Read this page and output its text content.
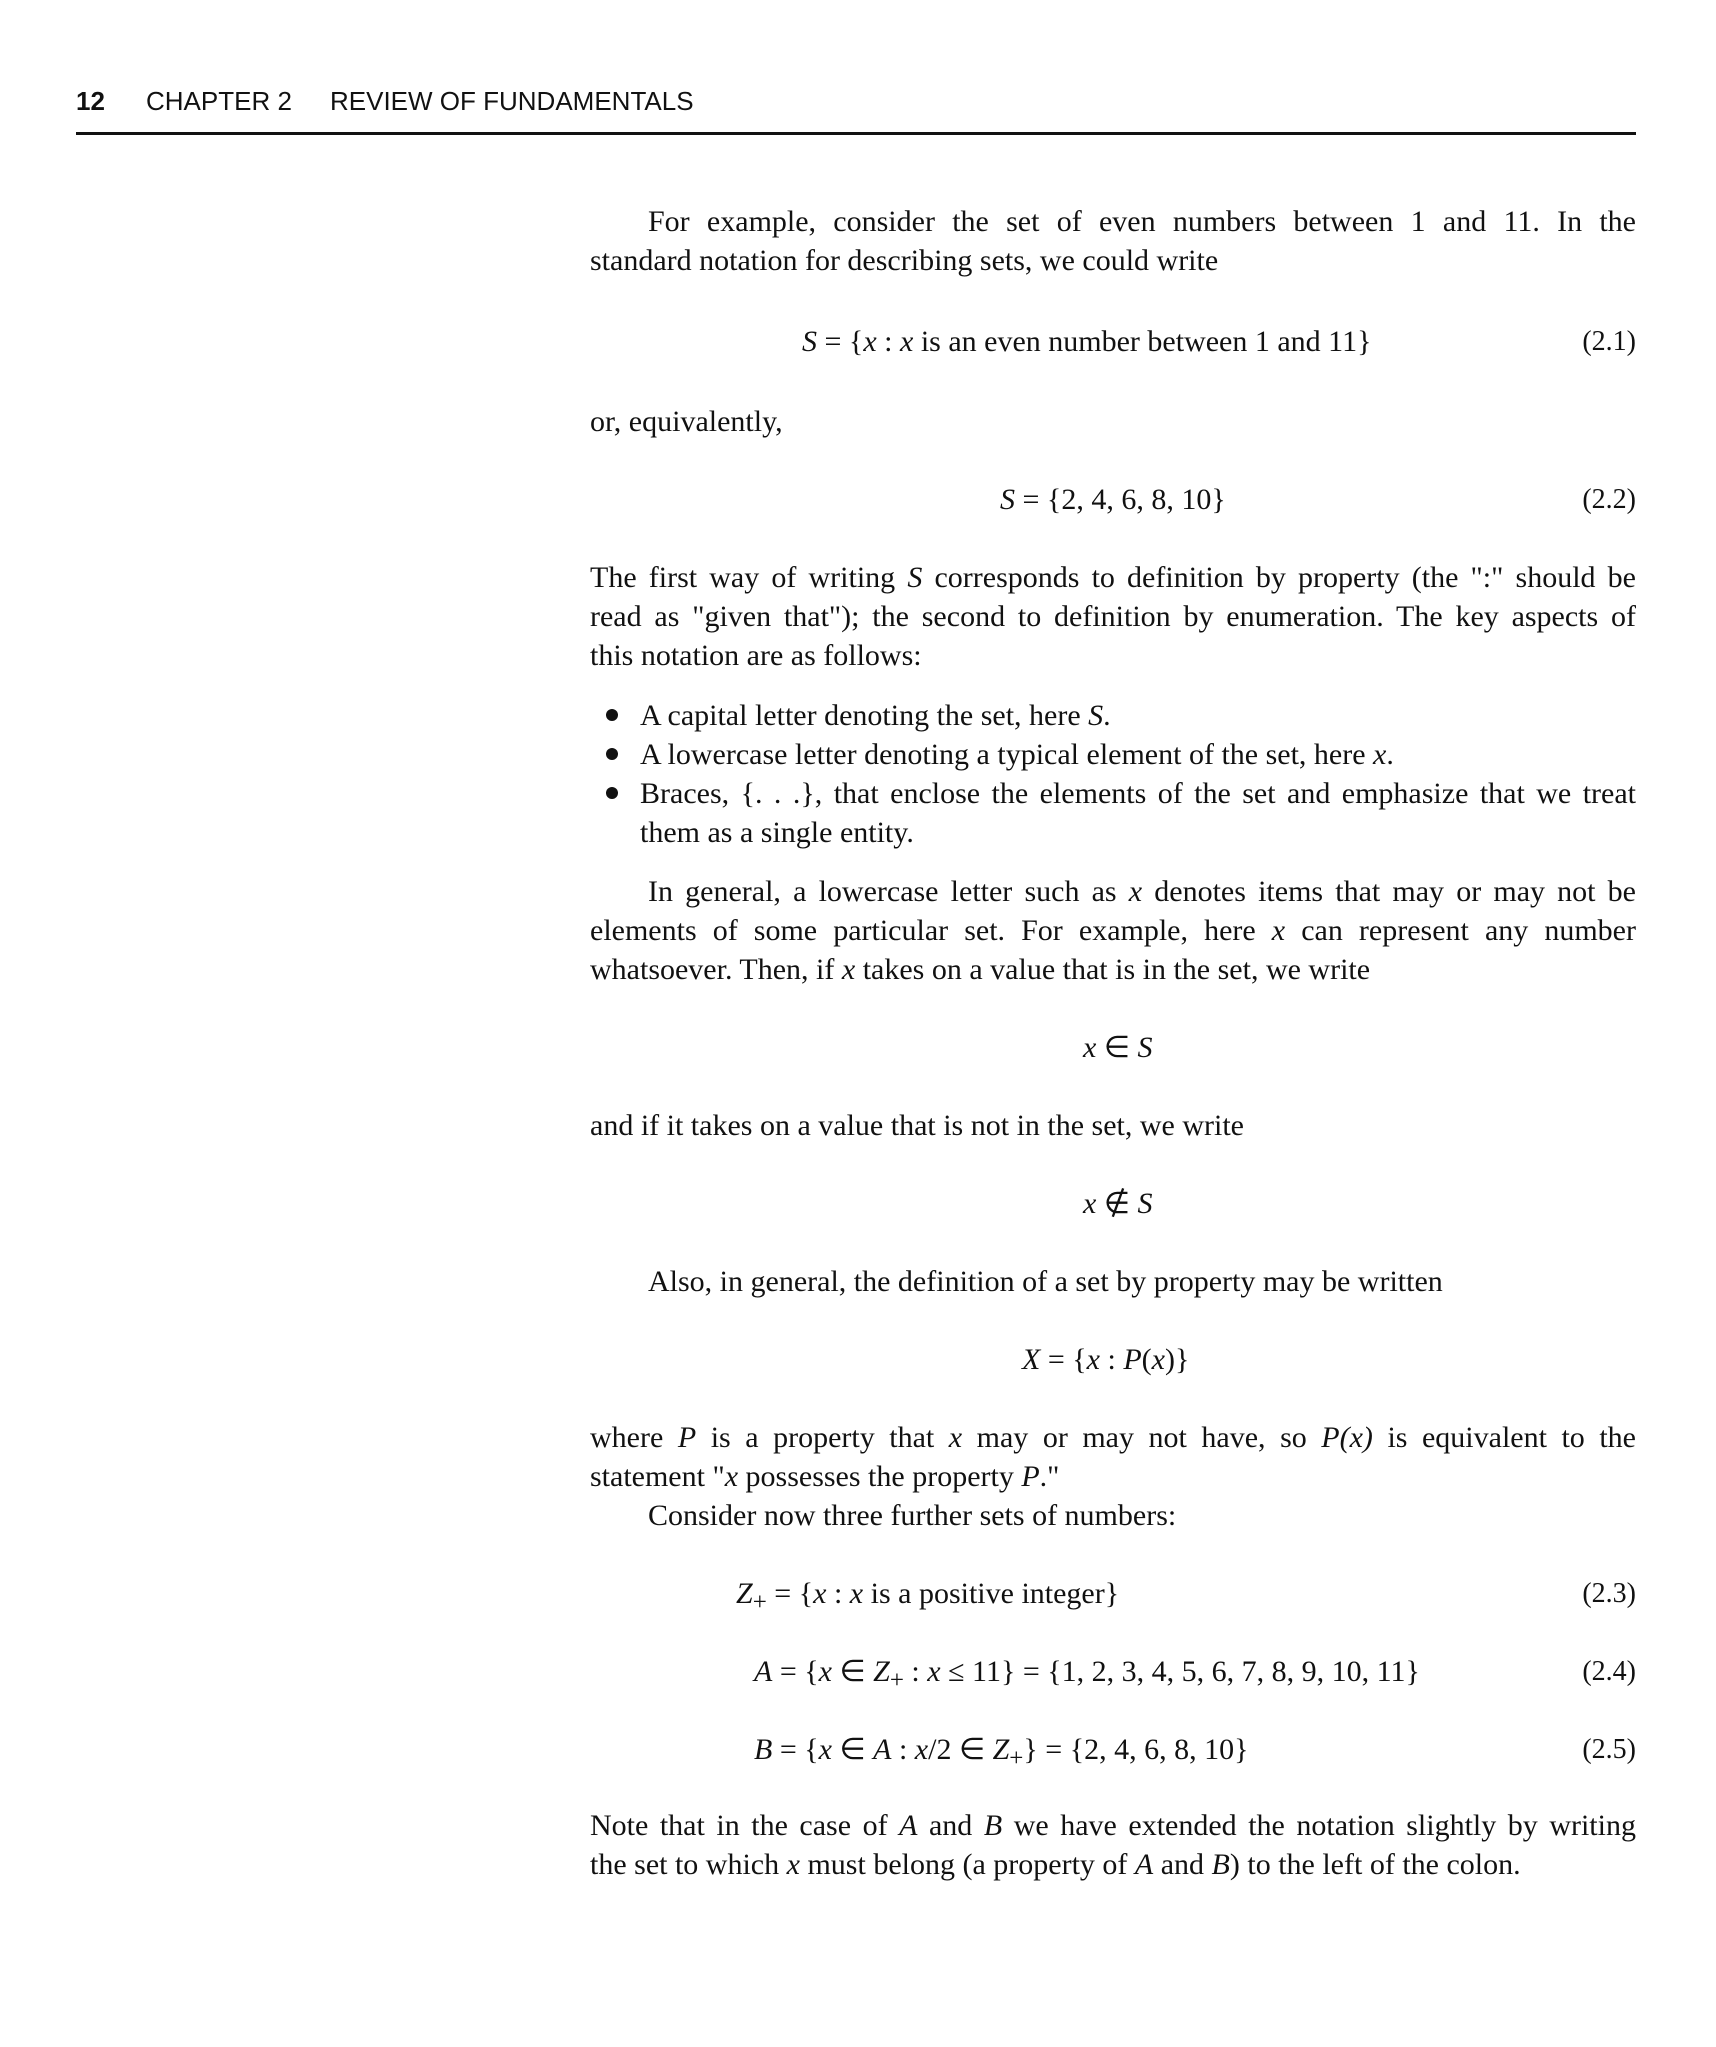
12 CHAPTER 2 REVIEW OF FUNDAMENTALS
For example, consider the set of even numbers between 1 and 11. In the
standard notation for describing sets, we could write
S = {x : x is an even number between 1 and 11}	(2.1)
or, equivalently,
S = {2, 4, 6, 8, 10}	(2.2)
The first way of writing S corresponds to definition by property (the ":" should be
read as "given that"); the second to definition by enumeration. The key aspects of
this notation are as follows:
A capital letter denoting the set, here S.
A lowercase letter denoting a typical element of the set, here x.
Braces, {. . .}, that enclose the elements of the set and emphasize that we treat
them as a single entity.
In general, a lowercase letter such as x denotes items that may or may not be
elements of some particular set. For example, here x can represent any number
whatsoever. Then, if x takes on a value that is in the set, we write
x ∈ S
and if it takes on a value that is not in the set, we write
x ∉ S
Also, in general, the definition of a set by property may be written
X = {x : P(x)}
where P is a property that x may or may not have, so P(x) is equivalent to the
statement "x possesses the property P."
Consider now three further sets of numbers:
$Z_+ = \{x$ : x is a positive integer}	(2.3)
A = {x ∈ $Z_+$ : x ≤ 11} = {1, 2, 3, 4, 5, 6, 7, 8, 9, 10, 11}	(2.4)
B = {x ∈ A : x/2 ∈ $Z_+\} = \{2$, 4, 6, 8, 10}	(2.5)
Note that in the case of A and B we have extended the notation slightly by writing
the set to which x must belong (a property of A and B) to the left of the colon.
